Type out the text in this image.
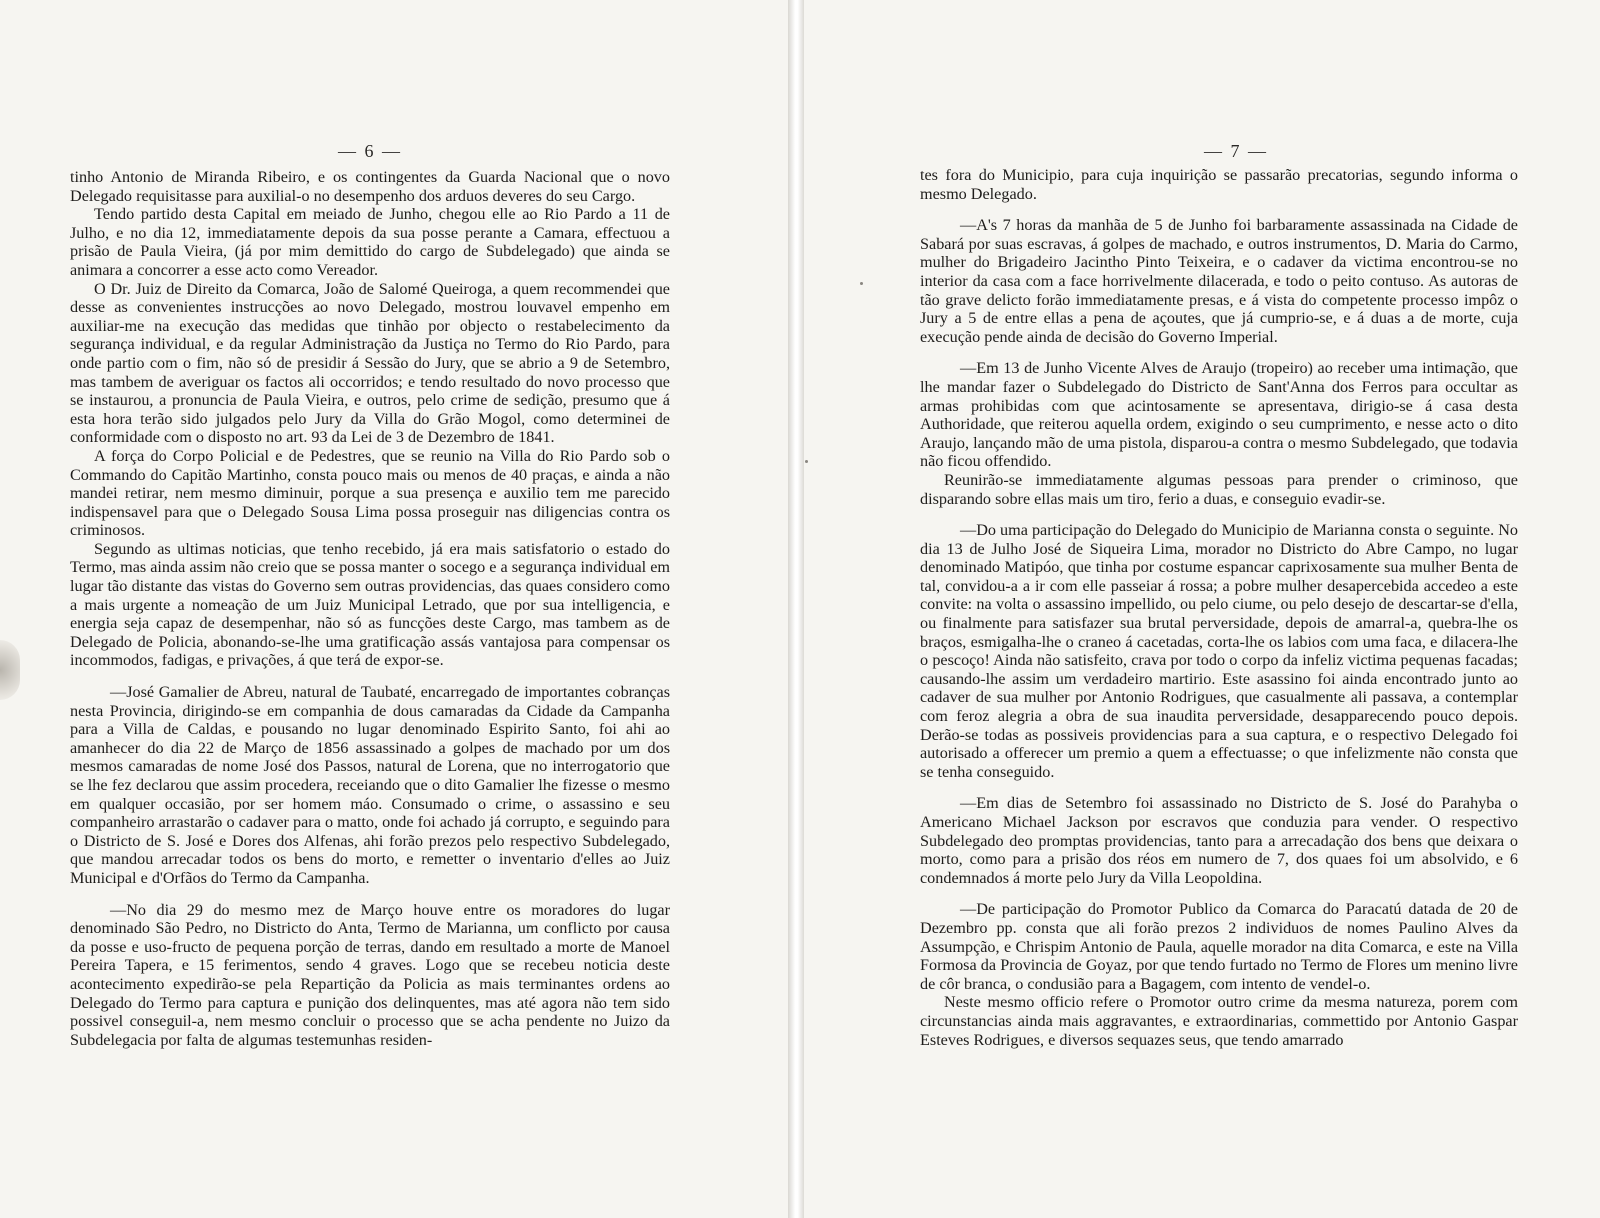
— 6 —

tinho Antonio de Miranda Ribeiro, e os contingentes da Guarda Nacional que o novo Delegado requisitasse para auxilial-o no desempenho dos arduos deveres do seu Cargo.

Tendo partido desta Capital em meiado de Junho, chegou elle ao Rio Pardo a 11 de Julho, e no dia 12, immediatamente depois da sua posse perante a Camara, effectuou a prisão de Paula Vieira, (já por mim demittido do cargo de Subdelegado) que ainda se animara a concorrer a esse acto como Vereador.

O Dr. Juiz de Direito da Comarca, João de Salomé Queiroga, a quem recommendei que desse as convenientes instrucções ao novo Delegado, mostrou louvavel empenho em auxiliar-me na execução das medidas que tinhão por objecto o restabelecimento da segurança individual, e da regular Administração da Justiça no Termo do Rio Pardo, para onde partio com o fim, não só de presidir á Sessão do Jury, que se abrio a 9 de Setembro, mas tambem de averiguar os factos ali occorridos; e tendo resultado do novo processo que se instaurou, a pronuncia de Paula Vieira, e outros, pelo crime de sedição, presumo que á esta hora terão sido julgados pelo Jury da Villa do Grão Mogol, como determinei de conformidade com o disposto no art. 93 da Lei de 3 de Dezembro de 1841.

A força do Corpo Policial e de Pedestres, que se reunio na Villa do Rio Pardo sob o Commando do Capitão Martinho, consta pouco mais ou menos de 40 praças, e ainda a não mandei retirar, nem mesmo diminuir, porque a sua presença e auxilio tem me parecido indispensavel para que o Delegado Sousa Lima possa proseguir nas diligencias contra os criminosos.

Segundo as ultimas noticias, que tenho recebido, já era mais satisfatorio o estado do Termo, mas ainda assim não creio que se possa manter o socego e a segurança individual em lugar tão distante das vistas do Governo sem outras providencias, das quaes considero como a mais urgente a nomeação de um Juiz Municipal Letrado, que por sua intelligencia, e energia seja capaz de desempenhar, não só as funcções deste Cargo, mas tambem as de Delegado de Policia, abonando-se-lhe uma gratificação assás vantajosa para compensar os incommodos, fadigas, e privações, á que terá de expor-se.

—José Gamalier de Abreu, natural de Taubaté, encarregado de importantes cobranças nesta Provincia, dirigindo-se em companhia de dous camaradas da Cidade da Campanha para a Villa de Caldas, e pousando no lugar denominado Espirito Santo, foi ahi ao amanhecer do dia 22 de Março de 1856 assassinado a golpes de machado por um dos mesmos camaradas de nome José dos Passos, natural de Lorena, que no interrogatorio que se lhe fez declarou que assim procedera, receiando que o dito Gamalier lhe fizesse o mesmo em qualquer occasião, por ser homem máo. Consumado o crime, o assassino e seu companheiro arrastarão o cadaver para o matto, onde foi achado já corrupto, e seguindo para o Districto de S. José e Dores dos Alfenas, ahi forão prezos pelo respectivo Subdelegado, que mandou arrecadar todos os bens do morto, e remetter o inventario d'elles ao Juiz Municipal e d'Orfãos do Termo da Campanha.

—No dia 29 do mesmo mez de Março houve entre os moradores do lugar denominado São Pedro, no Districto do Anta, Termo de Marianna, um conflicto por causa da posse e uso-fructo de pequena porção de terras, dando em resultado a morte de Manoel Pereira Tapera, e 15 ferimentos, sendo 4 graves. Logo que se recebeu noticia deste acontecimento expedirão-se pela Repartição da Policia as mais terminantes ordens ao Delegado do Termo para captura e punição dos delinquentes, mas até agora não tem sido possivel conseguil-a, nem mesmo concluir o processo que se acha pendente no Juizo da Subdelegacia por falta de algumas testemunhas residen-

— 7 —

tes fora do Municipio, para cuja inquirição se passarão precatorias, segundo informa o mesmo Delegado.

—A's 7 horas da manhãa de 5 de Junho foi barbaramente assassinada na Cidade de Sabará por suas escravas, á golpes de machado, e outros instrumentos, D. Maria do Carmo, mulher do Brigadeiro Jacintho Pinto Teixeira, e o cadaver da victima encontrou-se no interior da casa com a face horrivelmente dilacerada, e todo o peito contuso. As autoras de tão grave delicto forão immediatamente presas, e á vista do competente processo impôz o Jury a 5 de entre ellas a pena de açoutes, que já cumprio-se, e á duas a de morte, cuja execução pende ainda de decisão do Governo Imperial.

—Em 13 de Junho Vicente Alves de Araujo (tropeiro) ao receber uma intimação, que lhe mandar fazer o Subdelegado do Districto de Sant'Anna dos Ferros para occultar as armas prohibidas com que acintosamente se apresentava, dirigio-se á casa desta Authoridade, que reiterou aquella ordem, exigindo o seu cumprimento, e nesse acto o dito Araujo, lançando mão de uma pistola, disparou-a contra o mesmo Subdelegado, que todavia não ficou offendido.

Reunirão-se immediatamente algumas pessoas para prender o criminoso, que disparando sobre ellas mais um tiro, ferio a duas, e conseguio evadir-se.

—Do uma participação do Delegado do Municipio de Marianna consta o seguinte. No dia 13 de Julho José de Siqueira Lima, morador no Districto do Abre Campo, no lugar denominado Matipóo, que tinha por costume espancar caprixosamente sua mulher Benta de tal, convidou-a a ir com elle passeiar á rossa; a pobre mulher desapercebida accedeo a este convite: na volta o assassino impellido, ou pelo ciume, ou pelo desejo de descartar-se d'ella, ou finalmente para satisfazer sua brutal perversidade, depois de amarral-a, quebra-lhe os braços, esmigalha-lhe o craneo á cacetadas, corta-lhe os labios com uma faca, e dilacera-lhe o pescoço! Ainda não satisfeito, crava por todo o corpo da infeliz victima pequenas facadas; causando-lhe assim um verdadeiro martirio. Este asassino foi ainda encontrado junto ao cadaver de sua mulher por Antonio Rodrigues, que casualmente ali passava, a contemplar com feroz alegria a obra de sua inaudita perversidade, desapparecendo pouco depois. Derão-se todas as possiveis providencias para a sua captura, e o respectivo Delegado foi autorisado a offerecer um premio a quem a effectuasse; o que infelizmente não consta que se tenha conseguido.

—Em dias de Setembro foi assassinado no Districto de S. José do Parahyba o Americano Michael Jackson por escravos que conduzia para vender. O respectivo Subdelegado deo promptas providencias, tanto para a arrecadação dos bens que deixara o morto, como para a prisão dos réos em numero de 7, dos quaes foi um absolvido, e 6 condemnados á morte pelo Jury da Villa Leopoldina.

—De participação do Promotor Publico da Comarca do Paracatú datada de 20 de Dezembro pp. consta que ali forão prezos 2 individuos de nomes Paulino Alves da Assumpção, e Chrispim Antonio de Paula, aquelle morador na dita Comarca, e este na Villa Formosa da Provincia de Goyaz, por que tendo furtado no Termo de Flores um menino livre de côr branca, o condusião para a Bagagem, com intento de vendel-o.

Neste mesmo officio refere o Promotor outro crime da mesma natureza, porem com circunstancias ainda mais aggravantes, e extraordinarias, commettido por Antonio Gaspar Esteves Rodrigues, e diversos sequazes seus, que tendo amarrado
